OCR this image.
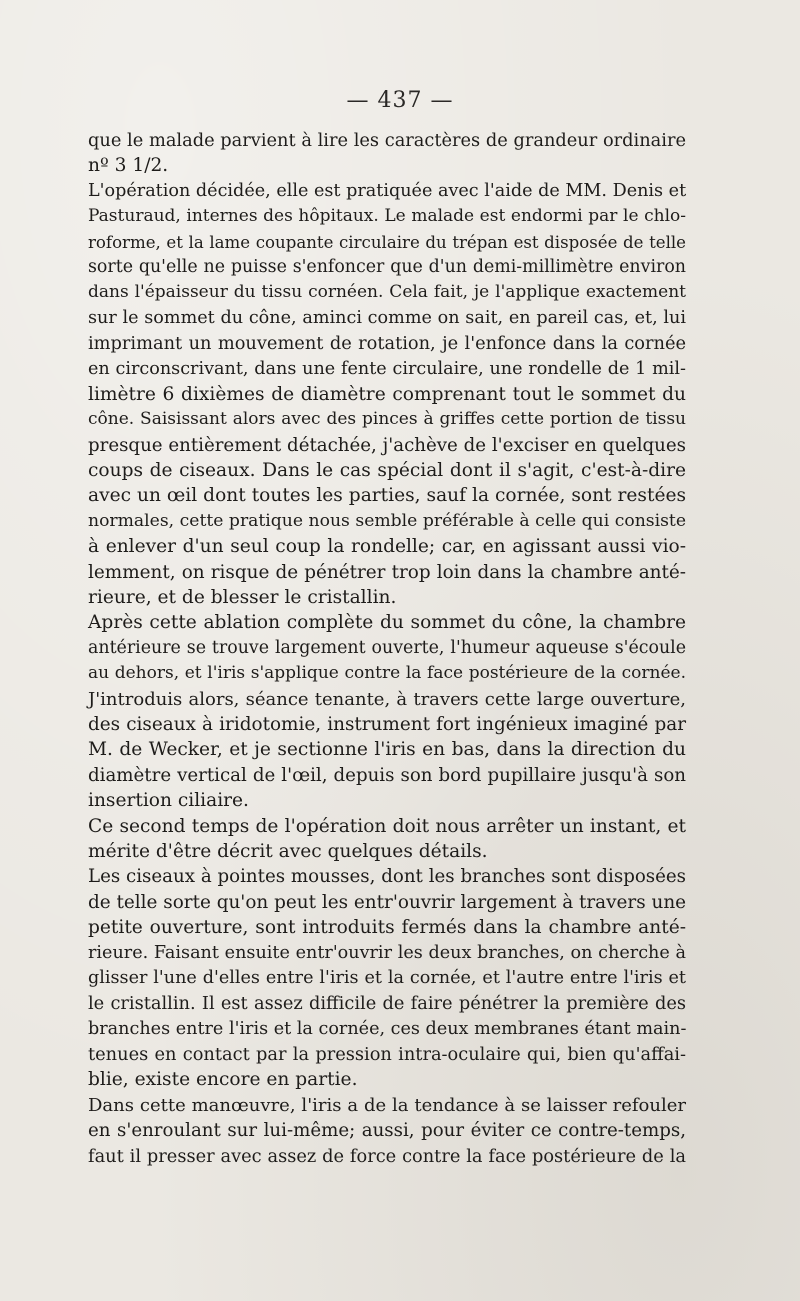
— 437 —
que le malade parvient à lire les caractères de grandeur ordinaire
nº 3 1/2.
L'opération décidée, elle est pratiquée avec l'aide de MM. Denis et
Pasturaud, internes des hôpitaux. Le malade est endormi par le chlo-
roforme, et la lame coupante circulaire du trépan est disposée de telle
sorte qu'elle ne puisse s'enfoncer que d'un demi-millimètre environ
dans l'épaisseur du tissu cornéen. Cela fait, je l'applique exactement
sur le sommet du cône, aminci comme on sait, en pareil cas, et, lui
imprimant un mouvement de rotation, je l'enfonce dans la cornée
en circonscrivant, dans une fente circulaire, une rondelle de 1 mil-
limètre 6 dixièmes de diamètre comprenant tout le sommet du
cône. Saisissant alors avec des pinces à griffes cette portion de tissu
presque entièrement détachée, j'achève de l'exciser en quelques
coups de ciseaux. Dans le cas spécial dont il s'agit, c'est-à-dire
avec un œil dont toutes les parties, sauf la cornée, sont restées
normales, cette pratique nous semble préférable à celle qui consiste
à enlever d'un seul coup la rondelle; car, en agissant aussi vio-
lemment, on risque de pénétrer trop loin dans la chambre anté-
rieure, et de blesser le cristallin.
Après cette ablation complète du sommet du cône, la chambre
antérieure se trouve largement ouverte, l'humeur aqueuse s'écoule
au dehors, et l'iris s'applique contre la face postérieure de la cornée.
J'introduis alors, séance tenante, à travers cette large ouverture,
des ciseaux à iridotomie, instrument fort ingénieux imaginé par
M. de Wecker, et je sectionne l'iris en bas, dans la direction du
diamètre vertical de l'œil, depuis son bord pupillaire jusqu'à son
insertion ciliaire.
Ce second temps de l'opération doit nous arrêter un instant, et
mérite d'être décrit avec quelques détails.
Les ciseaux à pointes mousses, dont les branches sont disposées
de telle sorte qu'on peut les entr'ouvrir largement à travers une
petite ouverture, sont introduits fermés dans la chambre anté-
rieure. Faisant ensuite entr'ouvrir les deux branches, on cherche à
glisser l'une d'elles entre l'iris et la cornée, et l'autre entre l'iris et
le cristallin. Il est assez difficile de faire pénétrer la première des
branches entre l'iris et la cornée, ces deux membranes étant main-
tenues en contact par la pression intra-oculaire qui, bien qu'affai-
blie, existe encore en partie.
Dans cette manœuvre, l'iris a de la tendance à se laisser refouler
en s'enroulant sur lui-même; aussi, pour éviter ce contre-temps,
faut il presser avec assez de force contre la face postérieure de la
